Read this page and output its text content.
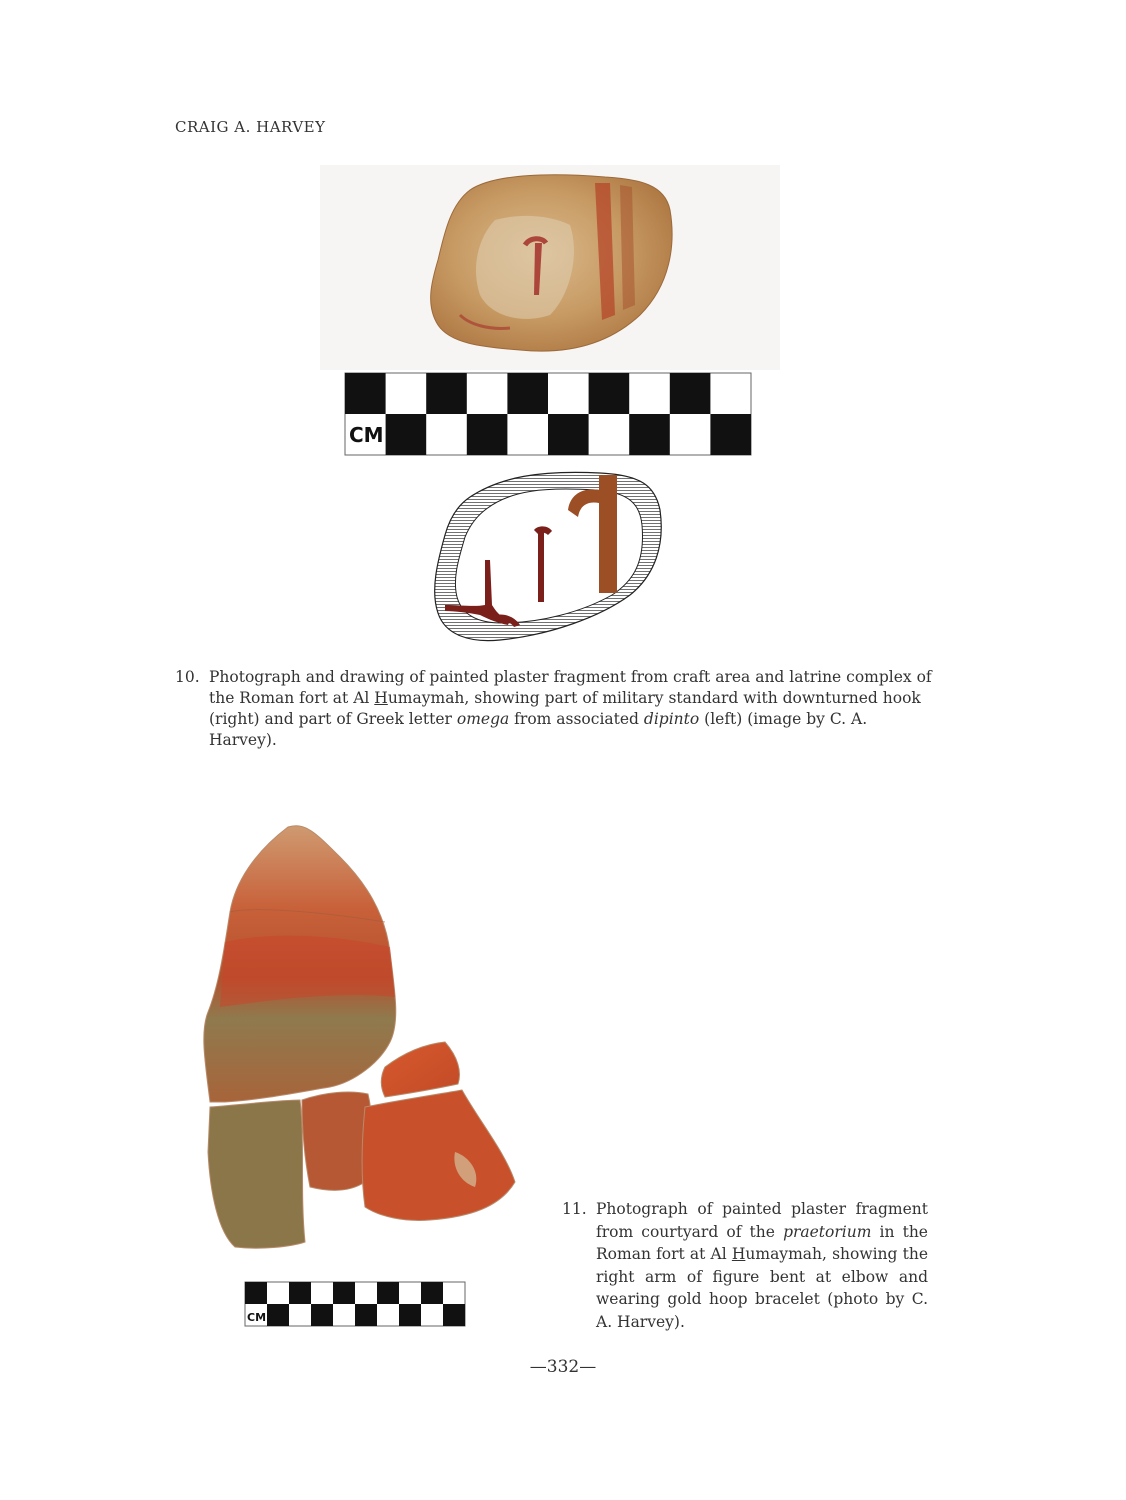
CRAIG A. HARVEY
CM
10. Photograph and drawing of painted plaster fragment from craft area and latrine complex of the Roman fort at Al Humaymah, showing part of military standard with downturned hook (right) and part of Greek letter omega from associated dipinto (left) (image by C. A. Harvey).
CM
11. Photograph of painted plaster fragment from courtyard of the praetorium in the Roman fort at Al Humaymah, showing the right arm of figure bent at elbow and wearing gold hoop bracelet (photo by C. A. Harvey).
—332—
